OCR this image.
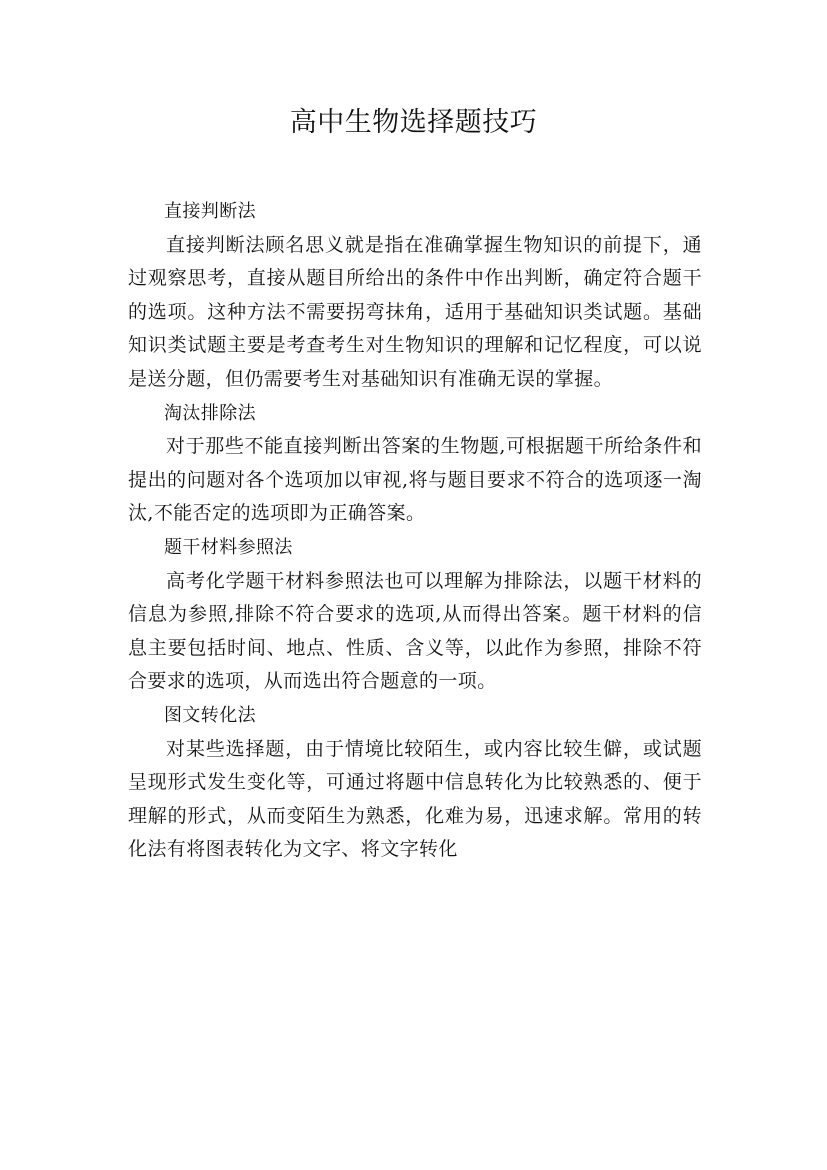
高中生物选择题技巧

直接判断法

直接判断法顾名思义就是指在准确掌握生物知识的前提下，通过观察思考，直接从题目所给出的条件中作出判断，确定符合题干的选项。这种方法不需要拐弯抹角，适用于基础知识类试题。基础知识类试题主要是考查考生对生物知识的理解和记忆程度，可以说是送分题，但仍需要考生对基础知识有准确无误的掌握。

淘汰排除法

对于那些不能直接判断出答案的生物题,可根据题干所给条件和提出的问题对各个选项加以审视,将与题目要求不符合的选项逐一淘汰,不能否定的选项即为正确答案。

题干材料参照法

高考化学题干材料参照法也可以理解为排除法，以题干材料的信息为参照,排除不符合要求的选项,从而得出答案。题干材料的信息主要包括时间、地点、性质、含义等，以此作为参照，排除不符合要求的选项，从而选出符合题意的一项。

图文转化法

对某些选择题，由于情境比较陌生，或内容比较生僻，或试题呈现形式发生变化等，可通过将题中信息转化为比较熟悉的、便于理解的形式，从而变陌生为熟悉，化难为易，迅速求解。常用的转化法有将图表转化为文字、将文字转化
